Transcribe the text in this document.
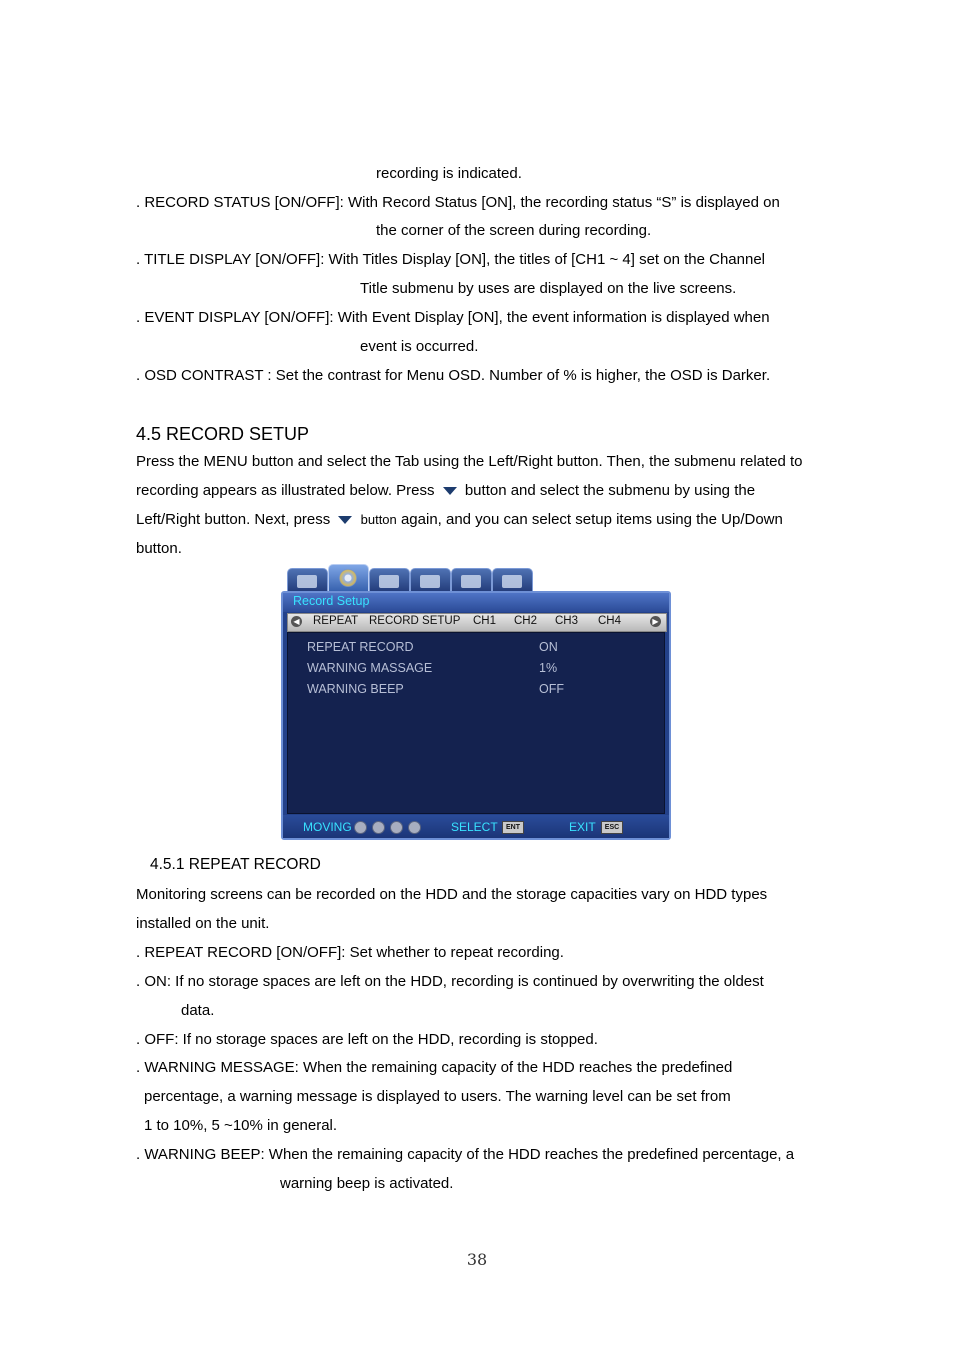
recording is indicated.
. RECORD STATUS [ON/OFF]: With Record Status [ON], the recording status “S” is displayed on
the corner of the screen during recording.
. TITLE DISPLAY [ON/OFF]: With Titles Display [ON], the titles of [CH1 ~ 4] set on the Channel
Title submenu by uses are displayed on the live screens.
. EVENT DISPLAY [ON/OFF]: With Event Display [ON], the event information is displayed when
event is occurred.
. OSD CONTRAST : Set the contrast for Menu OSD. Number of % is higher, the OSD is Darker.
4.5 RECORD SETUP
Press the MENU button and select the Tab using the Left/Right button. Then, the submenu related to
recording appears as illustrated below. Press button and select the submenu by using the
Left/Right button. Next, press button again, and you can select setup items using the Up/Down
button.
Record Setup
◀ REPEAT RECORD SETUP CH1 CH2 CH3 CH4	▶
REPEAT RECORD	ON
WARNING MASSAGE	1%
WARNING BEEP	OFF
MOVING	SELECT	ENT	EXIT	ESC
4.5.1 REPEAT RECORD
Monitoring screens can be recorded on the HDD and the storage capacities vary on HDD types
installed on the unit.
. REPEAT RECORD [ON/OFF]: Set whether to repeat recording.
. ON: If no storage spaces are left on the HDD, recording is continued by overwriting the oldest
data.
. OFF: If no storage spaces are left on the HDD, recording is stopped.
. WARNING MESSAGE: When the remaining capacity of the HDD reaches the predefined
percentage, a warning message is displayed to users. The warning level can be set from
1 to 10%, 5 ~10% in general.
. WARNING BEEP: When the remaining capacity of the HDD reaches the predefined percentage, a
warning beep is activated.
38
